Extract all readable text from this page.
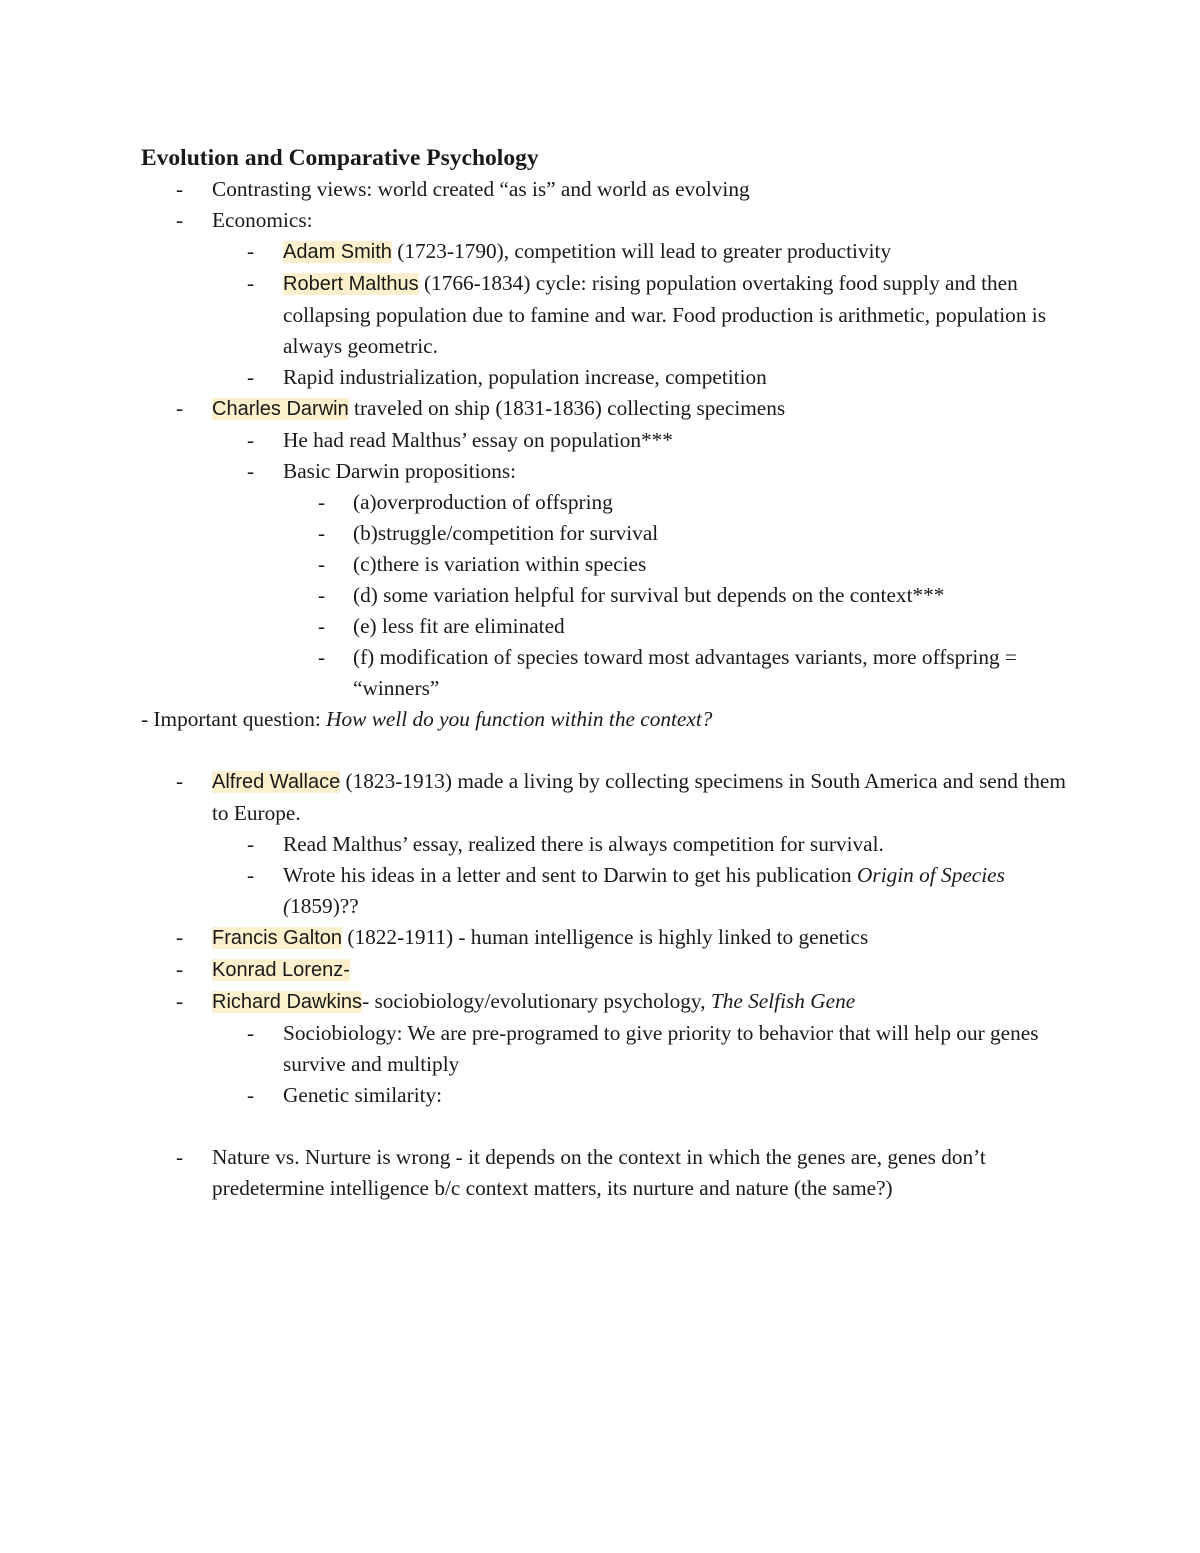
Evolution and Comparative Psychology
- Contrasting views: world created “as is” and world as evolving
- Economics:
- Adam Smith (1723-1790), competition will lead to greater productivity
- Robert Malthus (1766-1834) cycle: rising population overtaking food supply and then collapsing population due to famine and war. Food production is arithmetic, population is always geometric.
- Rapid industrialization, population increase, competition
- Charles Darwin traveled on ship (1831-1836) collecting specimens
- He had read Malthus’ essay on population***
- Basic Darwin propositions:
- (a)overproduction of offspring
- (b)struggle/competition for survival
- (c)there is variation within species
- (d) some variation helpful for survival but depends on the context***
- (e) less fit are eliminated
- (f) modification of species toward most advantages variants, more offspring = “winners”
- Important question: How well do you function within the context?
- Alfred Wallace (1823-1913) made a living by collecting specimens in South America and send them to Europe.
- Read Malthus’ essay, realized there is always competition for survival.
- Wrote his ideas in a letter and sent to Darwin to get his publication Origin of Species (1859)??
- Francis Galton (1822-1911) - human intelligence is highly linked to genetics
- Konrad Lorenz-
- Richard Dawkins- sociobiology/evolutionary psychology, The Selfish Gene
- Sociobiology: We are pre-programed to give priority to behavior that will help our genes survive and multiply
- Genetic similarity:
- Nature vs. Nurture is wrong - it depends on the context in which the genes are, genes don’t predetermine intelligence b/c context matters, its nurture and nature (the same?)
